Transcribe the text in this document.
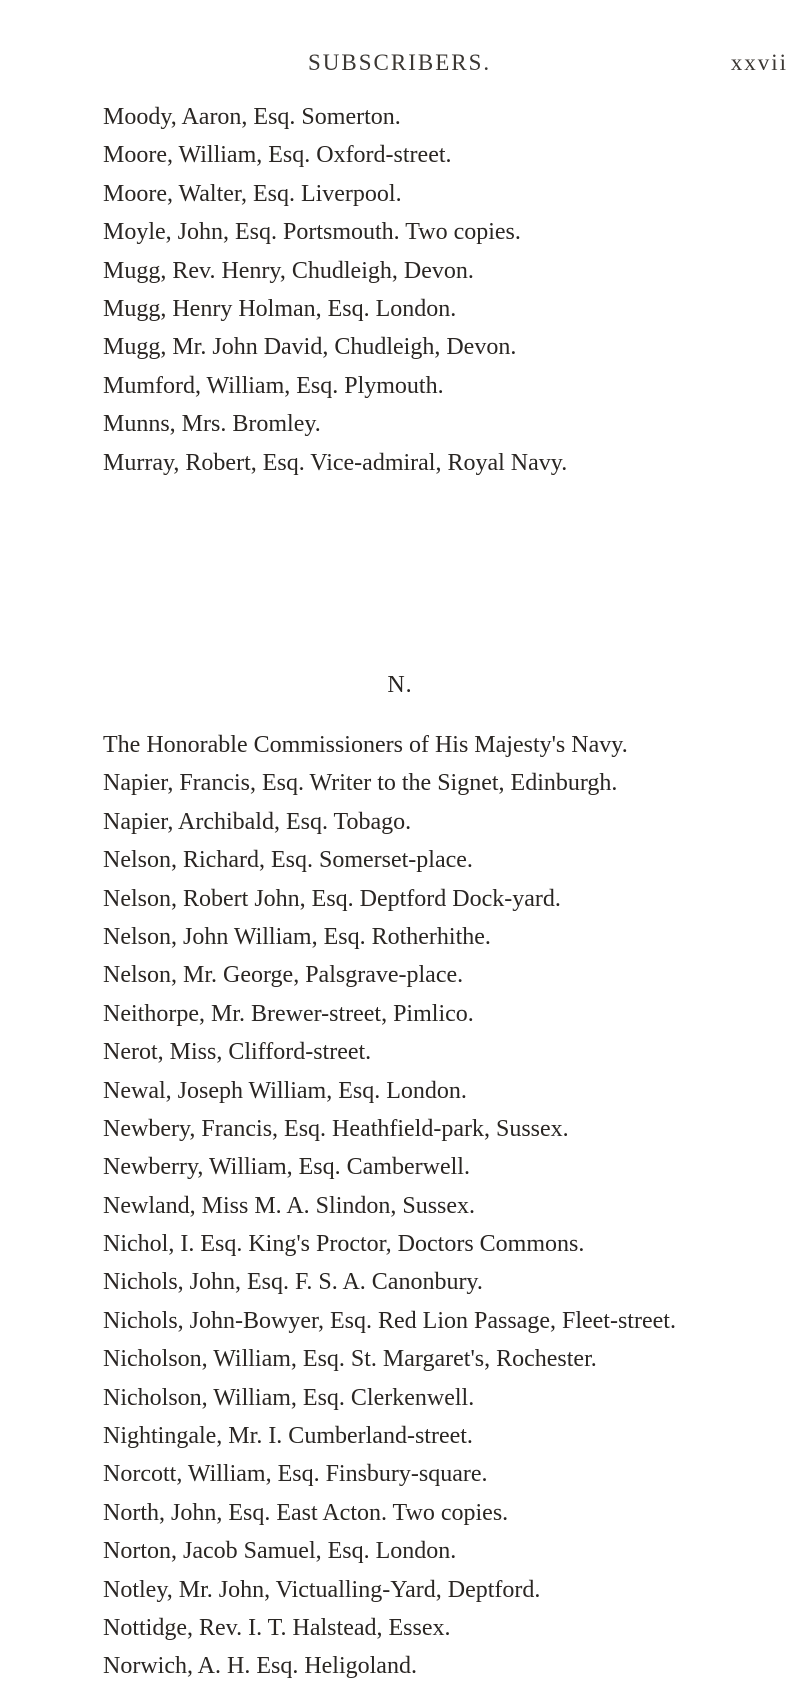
SUBSCRIBERS.	xxvii
Moody, Aaron, Esq. Somerton.
Moore, William, Esq. Oxford-street.
Moore, Walter, Esq. Liverpool.
Moyle, John, Esq. Portsmouth. Two copies.
Mugg, Rev. Henry, Chudleigh, Devon.
Mugg, Henry Holman, Esq. London.
Mugg, Mr. John David, Chudleigh, Devon.
Mumford, William, Esq. Plymouth.
Munns, Mrs. Bromley.
Murray, Robert, Esq. Vice-admiral, Royal Navy.
N.
The Honorable Commissioners of His Majesty's Navy.
Napier, Francis, Esq. Writer to the Signet, Edinburgh.
Napier, Archibald, Esq. Tobago.
Nelson, Richard, Esq. Somerset-place.
Nelson, Robert John, Esq. Deptford Dock-yard.
Nelson, John William, Esq. Rotherhithe.
Nelson, Mr. George, Palsgrave-place.
Neithorpe, Mr. Brewer-street, Pimlico.
Nerot, Miss, Clifford-street.
Newal, Joseph William, Esq. London.
Newbery, Francis, Esq. Heathfield-park, Sussex.
Newberry, William, Esq. Camberwell.
Newland, Miss M. A. Slindon, Sussex.
Nichol, I. Esq. King's Proctor, Doctors Commons.
Nichols, John, Esq. F. S. A. Canonbury.
Nichols, John-Bowyer, Esq. Red Lion Passage, Fleet-street.
Nicholson, William, Esq. St. Margaret's, Rochester.
Nicholson, William, Esq. Clerkenwell.
Nightingale, Mr. I. Cumberland-street.
Norcott, William, Esq. Finsbury-square.
North, John, Esq. East Acton. Two copies.
Norton, Jacob Samuel, Esq. London.
Notley, Mr. John, Victualling-Yard, Deptford.
Nottidge, Rev. I. T. Halstead, Essex.
Norwich, A. H. Esq. Heligoland.
